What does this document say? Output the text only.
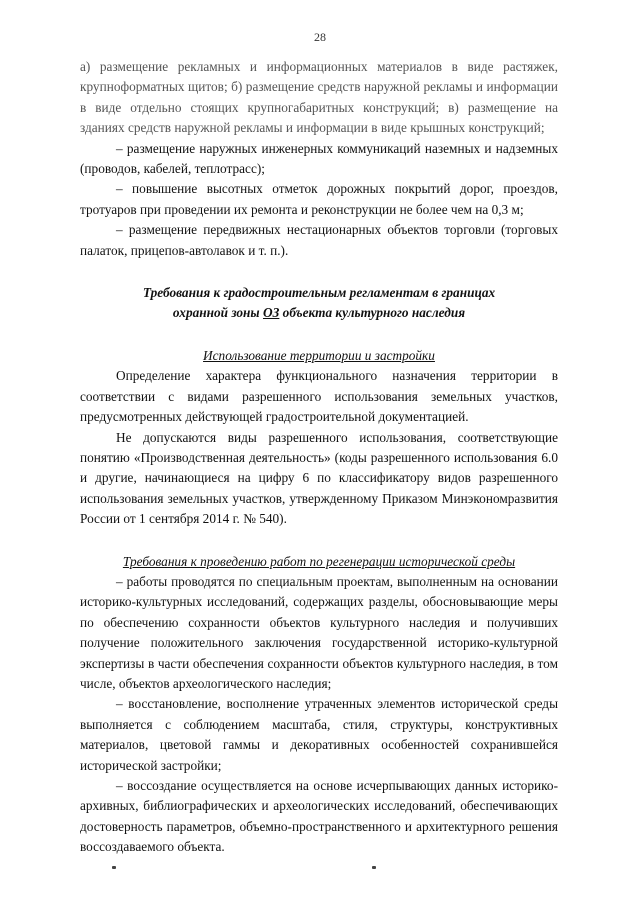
28

а) размещение рекламных и информационных материалов в виде растяжек, крупноформатных щитов; б) размещение средств наружной рекламы и информации в виде отдельно стоящих крупногабаритных конструкций; в) размещение на зданиях средств наружной рекламы и информации в виде крышных конструкций;

– размещение наружных инженерных коммуникаций наземных и надземных (проводов, кабелей, теплотрасс);

– повышение высотных отметок дорожных покрытий дорог, проездов, тротуаров при проведении их ремонта и реконструкции не более чем на 0,3 м;

– размещение передвижных нестационарных объектов торговли (торговых палаток, прицепов-автолавок и т. п.).

Требования к градостроительным регламентам в границах охранной зоны ОЗ объекта культурного наследия

Использование территории и застройки

Определение характера функционального назначения территории в соответствии с видами разрешенного использования земельных участков, предусмотренных действующей градостроительной документацией.

Не допускаются виды разрешенного использования, соответствующие понятию «Производственная деятельность» (коды разрешенного использования 6.0 и другие, начинающиеся на цифру 6 по классификатору видов разрешенного использования земельных участков, утвержденному Приказом Минэкономразвития России от 1 сентября 2014 г. № 540).

Требования к проведению работ по регенерации исторической среды

– работы проводятся по специальным проектам, выполненным на основании историко-культурных исследований, содержащих разделы, обосновывающие меры по обеспечению сохранности объектов культурного наследия и получивших получение положительного заключения государственной историко-культурной экспертизы в части обеспечения сохранности объектов культурного наследия, в том числе, объектов археологического наследия;

– восстановление, восполнение утраченных элементов исторической среды выполняется с соблюдением масштаба, стиля, структуры, конструктивных материалов, цветовой гаммы и декоративных особенностей сохранившейся исторической застройки;

– воссоздание осуществляется на основе исчерпывающих данных историко-архивных, библиографических и археологических исследований, обеспечивающих достоверность параметров, объемно-пространственного и архитектурного решения воссоздаваемого объекта.
